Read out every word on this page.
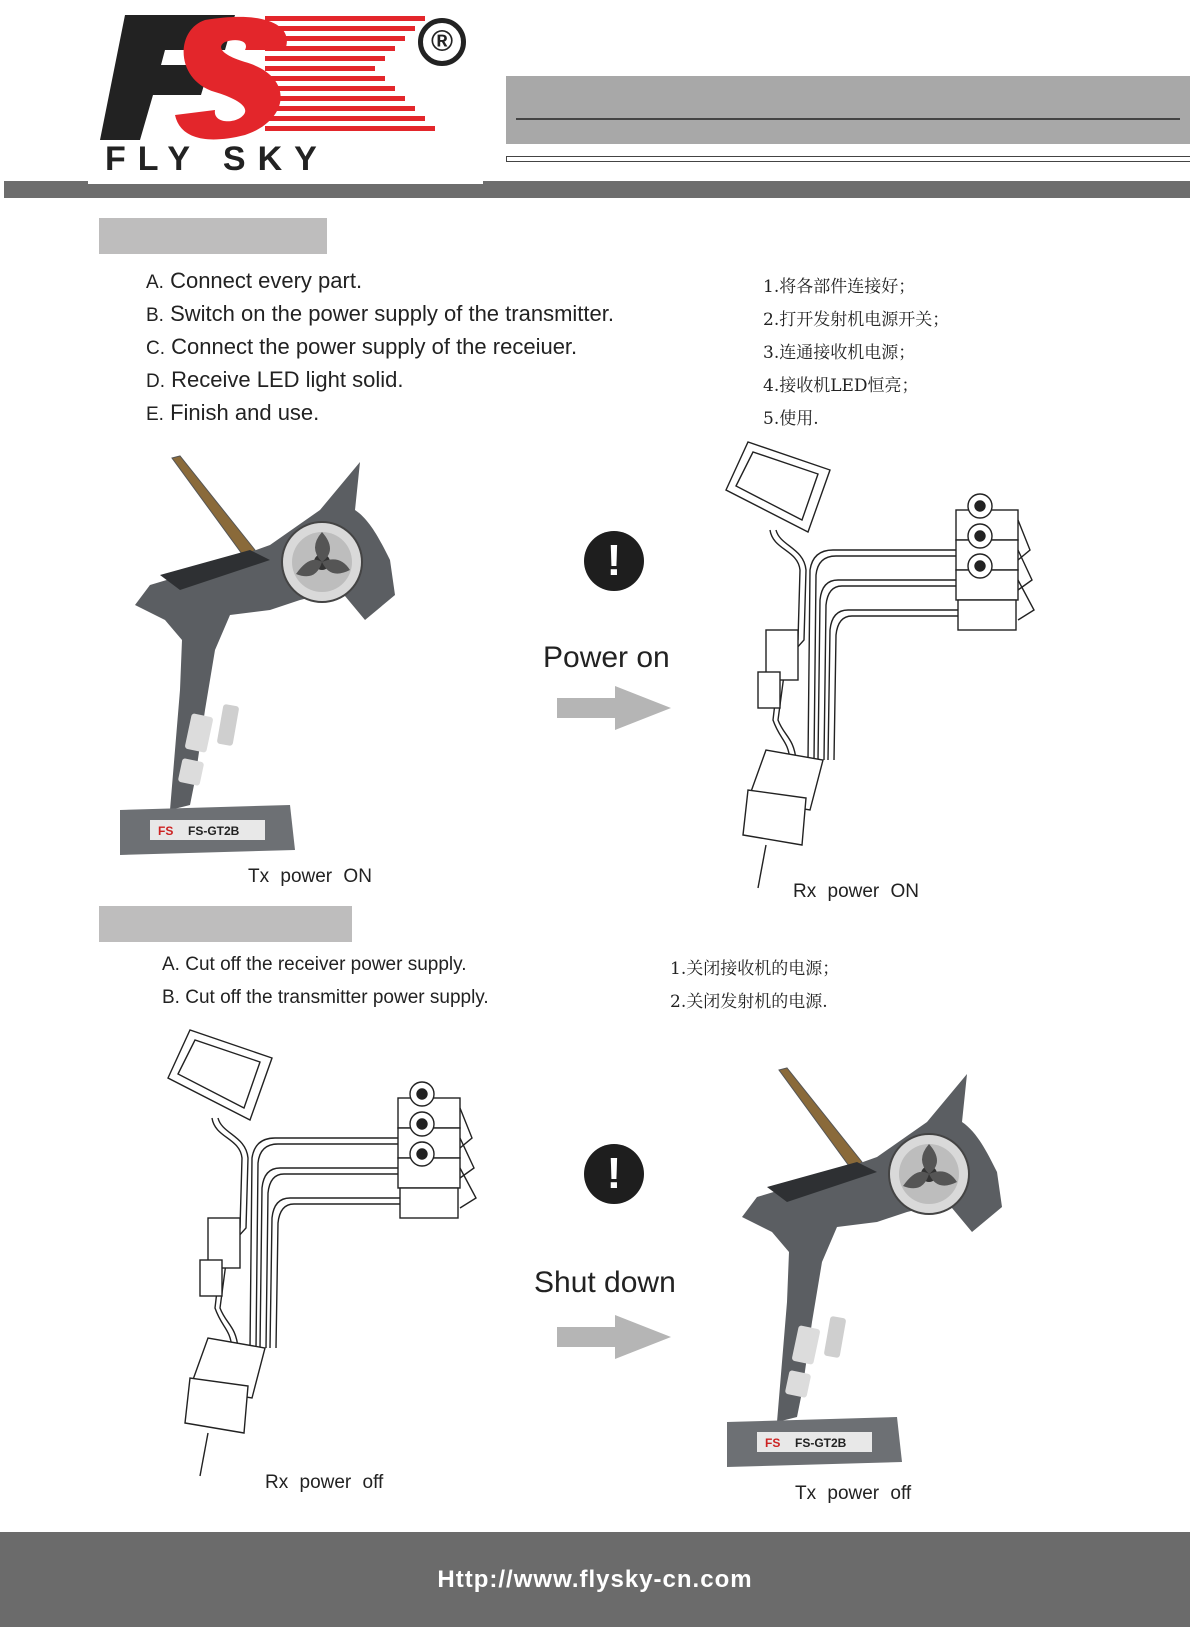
®
FLY SKY
A. Connect every part.
B. Switch on the power supply of the transmitter.
C. Connect the power supply of the receiuer.
D. Receive LED light solid.
E. Finish and use.
1.将各部件连接好；
2.打开发射机电源开关；
3.连通接收机电源；
4.接收机LED恒亮；
5.使用.
FS FS-GT2B
Tx power ON
!
Power on
Rx power ON
A. Cut off the receiver power supply.
B. Cut off the transmitter power supply.
1.关闭接收机的电源；
2.关闭发射机的电源.
Rx power off
!
Shut down
FS FS-GT2B
Tx power off
Http://www.flysky-cn.com
